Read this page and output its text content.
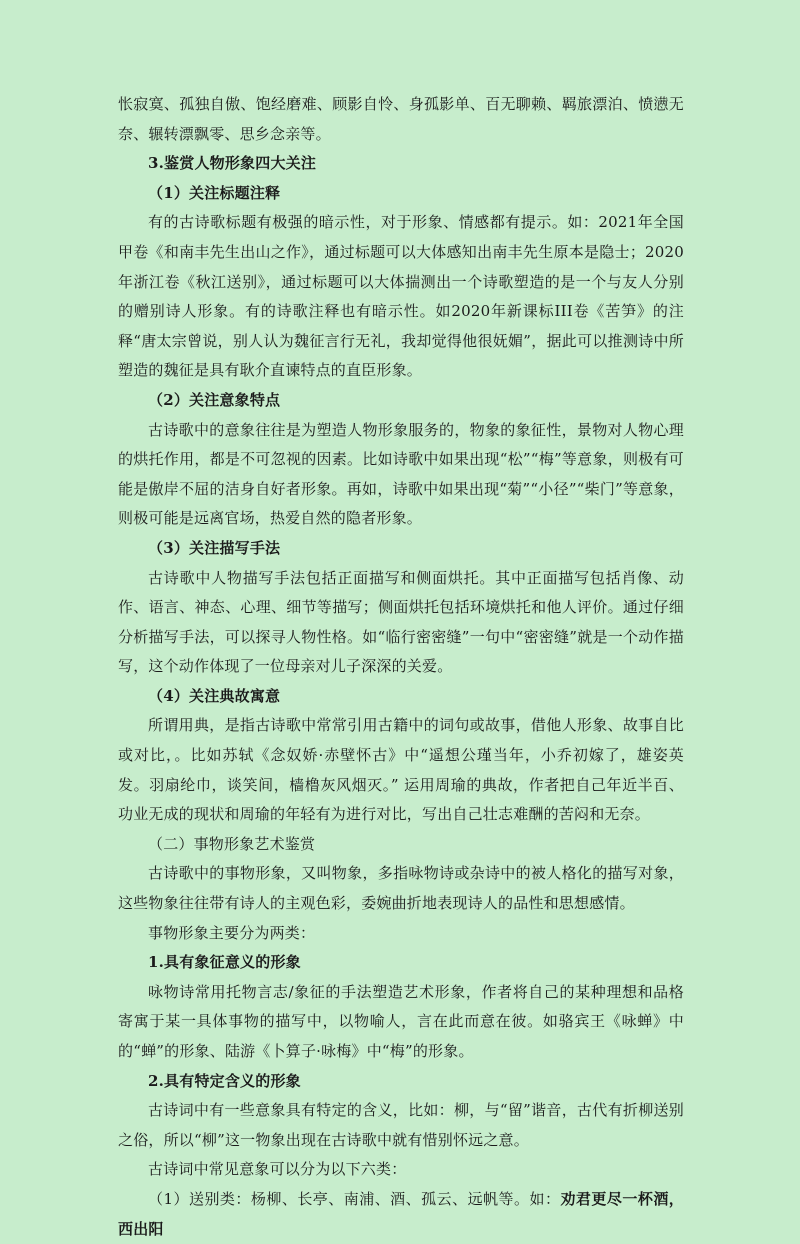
怅寂寞、孤独自傲、饱经磨难、顾影自怜、身孤影单、百无聊赖、羁旅漂泊、愤懑无奈、辗转漂飘零、思乡念亲等。

3.鉴赏人物形象四大关注

（1）关注标题注释

有的古诗歌标题有极强的暗示性，对于形象、情感都有提示。如：2021年全国甲卷《和南丰先生出山之作》，通过标题可以大体感知出南丰先生原本是隐士；2020年浙江卷《秋江送别》，通过标题可以大体揣测出一个诗歌塑造的是一个与友人分别的赠别诗人形象。有的诗歌注释也有暗示性。如2020年新课标III卷《苦笋》的注释“唐太宗曾说，别人认为魏征言行无礼，我却觉得他很妩媚”，据此可以推测诗中所塑造的魏征是具有耿介直谏特点的直臣形象。

（2）关注意象特点

古诗歌中的意象往往是为塑造人物形象服务的，物象的象征性，景物对人物心理的烘托作用，都是不可忽视的因素。比如诗歌中如果出现“松”“梅”等意象，则极有可能是傲岸不屈的洁身自好者形象。再如，诗歌中如果出现“菊”“小径”“柴门”等意象，则极可能是远离官场，热爱自然的隐者形象。

（3）关注描写手法

古诗歌中人物描写手法包括正面描写和侧面烘托。其中正面描写包括肖像、动作、语言、神态、心理、细节等描写；侧面烘托包括环境烘托和他人评价。通过仔细分析描写手法，可以探寻人物性格。如“临行密密缝”一句中“密密缝”就是一个动作描写，这个动作体现了一位母亲对儿子深深的关爱。

（4）关注典故寓意

所谓用典，是指古诗歌中常常引用古籍中的词句或故事，借他人形象、故事自比或对比，。比如苏轼《念奴娇·赤壁怀古》中“遥想公瑾当年，小乔初嫁了，雄姿英发。羽扇纶巾，谈笑间，樯橹灰风烟灭。” 运用周瑜的典故，作者把自己年近半百、功业无成的现状和周瑜的年轻有为进行对比，写出自己壮志难酬的苦闷和无奈。

（二）事物形象艺术鉴赏

古诗歌中的事物形象，又叫物象，多指咏物诗或杂诗中的被人格化的描写对象，这些物象往往带有诗人的主观色彩，委婉曲折地表现诗人的品性和思想感情。

事物形象主要分为两类：

1.具有象征意义的形象

咏物诗常用托物言志/象征的手法塑造艺术形象，作者将自己的某种理想和品格寄寓于某一具体事物的描写中，以物喻人，言在此而意在彼。如骆宾王《咏蝉》中的“蝉”的形象、陆游《卜算子·咏梅》中“梅”的形象。

2.具有特定含义的形象

古诗词中有一些意象具有特定的含义，比如：柳，与“留”谐音，古代有折柳送别之俗，所以“柳”这一物象出现在古诗歌中就有惜别怀远之意。

古诗词中常见意象可以分为以下六类：

（1）送别类：杨柳、长亭、南浦、酒、孤云、远帆等。如：劝君更尽一杯酒，西出阳
